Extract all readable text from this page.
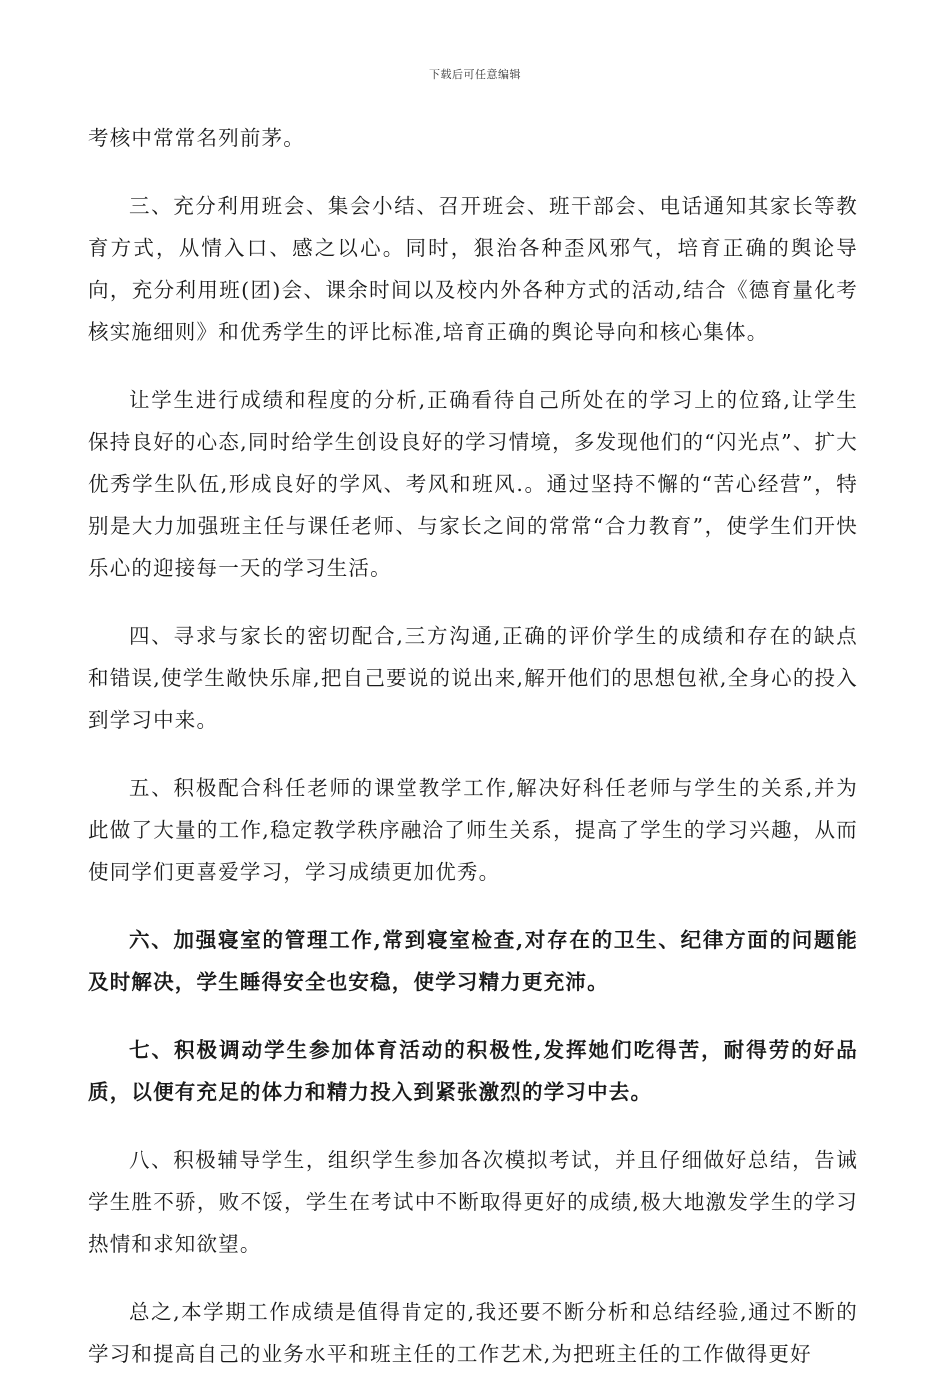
下载后可任意编辑

考核中常常名列前茅。

三、充分利用班会、集会小结、召开班会、班干部会、电话通知其家长等教育方式，从情入口、感之以心。同时，狠治各种歪风邪气，培育正确的舆论导向，充分利用班(团)会、课余时间以及校内外各种方式的活动,结合《德育量化考核实施细则》和优秀学生的评比标准,培育正确的舆论导向和核心集体。

让学生进行成绩和程度的分析,正确看待自己所处在的学习上的位臵,让学生保持良好的心态,同时给学生创设良好的学习情境，多发现他们的“闪光点”、扩大优秀学生队伍,形成良好的学风、考风和班风.。通过坚持不懈的“苦心经营”，特别是大力加强班主任与课任老师、与家长之间的常常“合力教育”，使学生们开快乐心的迎接每一天的学习生活。

四、寻求与家长的密切配合,三方沟通,正确的评价学生的成绩和存在的缺点和错误,使学生敞快乐扉,把自己要说的说出来,解开他们的思想包袱,全身心的投入到学习中来。

五、积极配合科任老师的课堂教学工作,解决好科任老师与学生的关系,并为此做了大量的工作,稳定教学秩序融洽了师生关系，提高了学生的学习兴趣，从而使同学们更喜爱学习，学习成绩更加优秀。

六、加强寝室的管理工作,常到寝室检查,对存在的卫生、纪律方面的问题能及时解决，学生睡得安全也安稳，使学习精力更充沛。

七、积极调动学生参加体育活动的积极性,发挥她们吃得苦，耐得劳的好品质，以便有充足的体力和精力投入到紧张激烈的学习中去。

八、积极辅导学生，组织学生参加各次模拟考试，并且仔细做好总结，告诫学生胜不骄，败不馁，学生在考试中不断取得更好的成绩,极大地激发学生的学习热情和求知欲望。

总之,本学期工作成绩是值得肯定的,我还要不断分析和总结经验,通过不断的学习和提高自己的业务水平和班主任的工作艺术,为把班主任的工作做得更好
